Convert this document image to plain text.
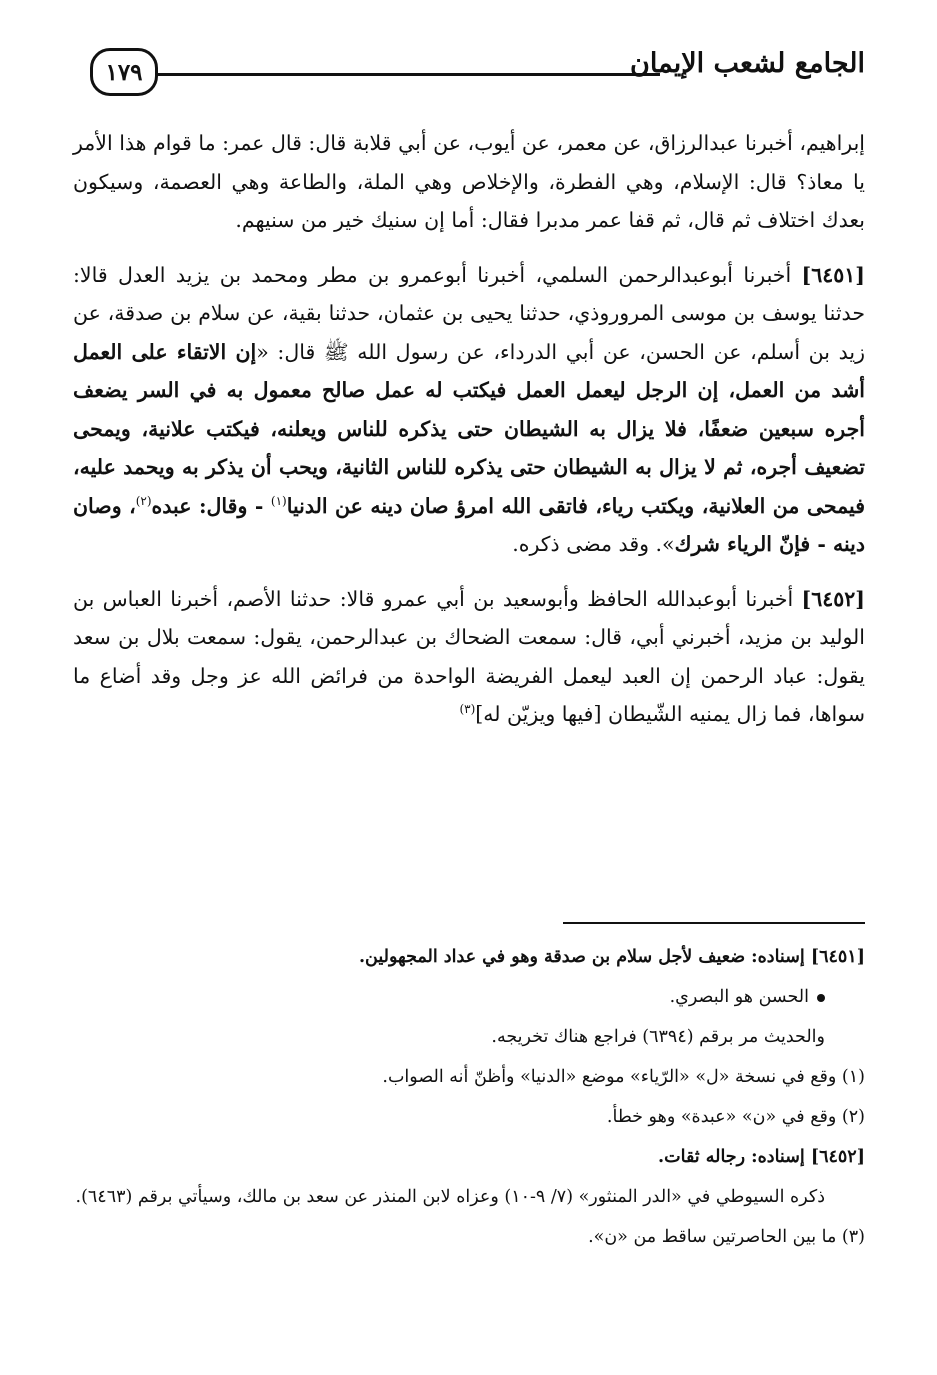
الجامع لشعب الإيمان
١٧٩

إبراهيم، أخبرنا عبدالرزاق، عن معمر، عن أيوب، عن أبي قلابة قال: قال عمر: ما قوام هذا الأمر يا معاذ؟ قال: الإسلام، وهي الفطرة، والإخلاص وهي الملة، والطاعة وهي العصمة، وسيكون بعدك اختلاف ثم قال، ثم قفا عمر مدبرا فقال: أما إن سنيك خير من سنيهم.

[٦٤٥١] أخبرنا أبوعبدالرحمن السلمي، أخبرنا أبوعمرو بن مطر ومحمد بن يزيد العدل قالا: حدثنا يوسف بن موسى المروروذي، حدثنا يحيى بن عثمان، حدثنا بقية، عن سلام بن صدقة، عن زيد بن أسلم، عن الحسن، عن أبي الدرداء، عن رسول الله ﷺ قال: «إن الاتقاء على العمل أشد من العمل، إن الرجل ليعمل العمل فيكتب له عمل صالح معمول به في السر يضعف أجره سبعين ضعفًا، فلا يزال به الشيطان حتى يذكره للناس ويعلنه، فيكتب علانية، ويمحى تضعيف أجره، ثم لا يزال به الشيطان حتى يذكره للناس الثانية، ويحب أن يذكر به ويحمد عليه، فيمحى من العلانية، ويكتب رياء، فاتقى الله امرؤ صان دينه عن الدنيا$^{(١)}$ - وقال: عبده$^{(٢)}$، وصان دينه - فإنّ الرياء شرك». وقد مضى ذكره.

[٦٤٥٢] أخبرنا أبوعبدالله الحافظ وأبوسعيد بن أبي عمرو قالا: حدثنا الأصم، أخبرنا العباس بن الوليد بن مزيد، أخبرني أبي، قال: سمعت الضحاك بن عبدالرحمن، يقول: سمعت بلال بن سعد يقول: عباد الرحمن إن العبد ليعمل الفريضة الواحدة من فرائض الله عز وجل وقد أضاع ما سواها، فما زال يمنيه الشّيطان [فيها ويزيّن له]$^{(٣)}$

[٦٤٥١] إسناده: ضعيف لأجل سلام بن صدقة وهو في عداد المجهولين.

الحسن هو البصري.

والحديث مر برقم (٦٣٩٤) فراجع هناك تخريجه.

(١) وقع في نسخة «ل» «الرّياء» موضع «الدنيا» وأظنّ أنه الصواب.

(٢) وقع في «ن» «عبدة» وهو خطأ.

[٦٤٥٢] إسناده: رجاله ثقات.

ذكره السيوطي في «الدر المنثور» (٧/ ٩-١٠) وعزاه لابن المنذر عن سعد بن مالك، وسيأتي برقم (٦٤٦٣).

(٣) ما بين الحاصرتين ساقط من «ن».
